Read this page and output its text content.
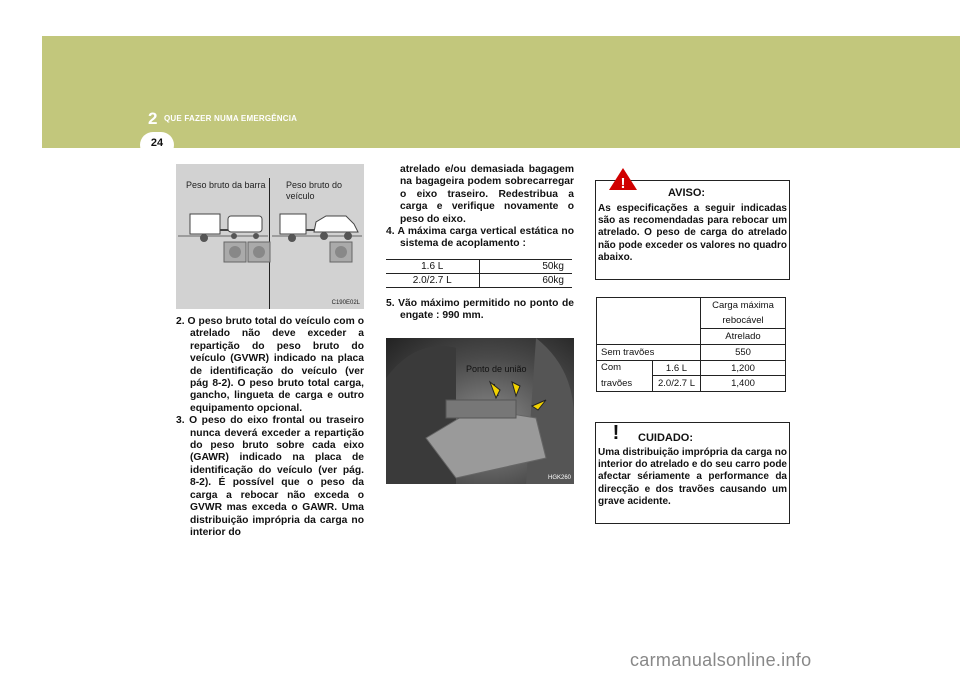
2 QUE FAZER NUMA EMERGÊNCIA
24
Peso bruto da barra Peso bruto do veículo
C190E02L

2. O peso bruto total do veículo com o atrelado não deve exceder a repartição do peso bruto do veículo (GVWR) indicado na placa de identificação do veículo (ver pág 8-2). O peso bruto total carga, gancho, lingueta de carga e outro equipamento opcional.

3. O peso do eixo frontal ou traseiro nunca deverá exceder a repartição do peso bruto sobre cada eixo (GAWR) indicado na placa de identificação do veículo (ver pág. 8-2). É possível que o peso da carga a rebocar não exceda o GVWR mas exceda o GAWR. Uma distribuição imprópria da carga no interior do

atrelado e/ou demasiada bagagem na bagageira podem sobrecarregar o eixo traseiro. Redestribua a carga e verifique novamente o peso do eixo.

4. A máxima carga vertical estática no sistema de acoplamento :

1.6 L	50kg
2.0/2.7 L	60kg

5. Vão máximo permitido no ponto de engate : 990 mm.

Ponto de união
HGK260
!
AVISO:
As especificações a seguir indicadas são as recomendadas para rebocar um atrelado. O peso de carga do atrelado não pode exceder os valores no quadro abaixo.
Carga máxima
rebocável
Atrelado
Sem travões	550
Com
travões
1.6 L	1,200
2.0/2.7 L	1,400
! CUIDADO:
Uma distribuição imprópria da carga no interior do atrelado e do seu carro pode afectar sériamente a performance da direcção e dos travões causando um grave acidente.
carmanualsonline.info
